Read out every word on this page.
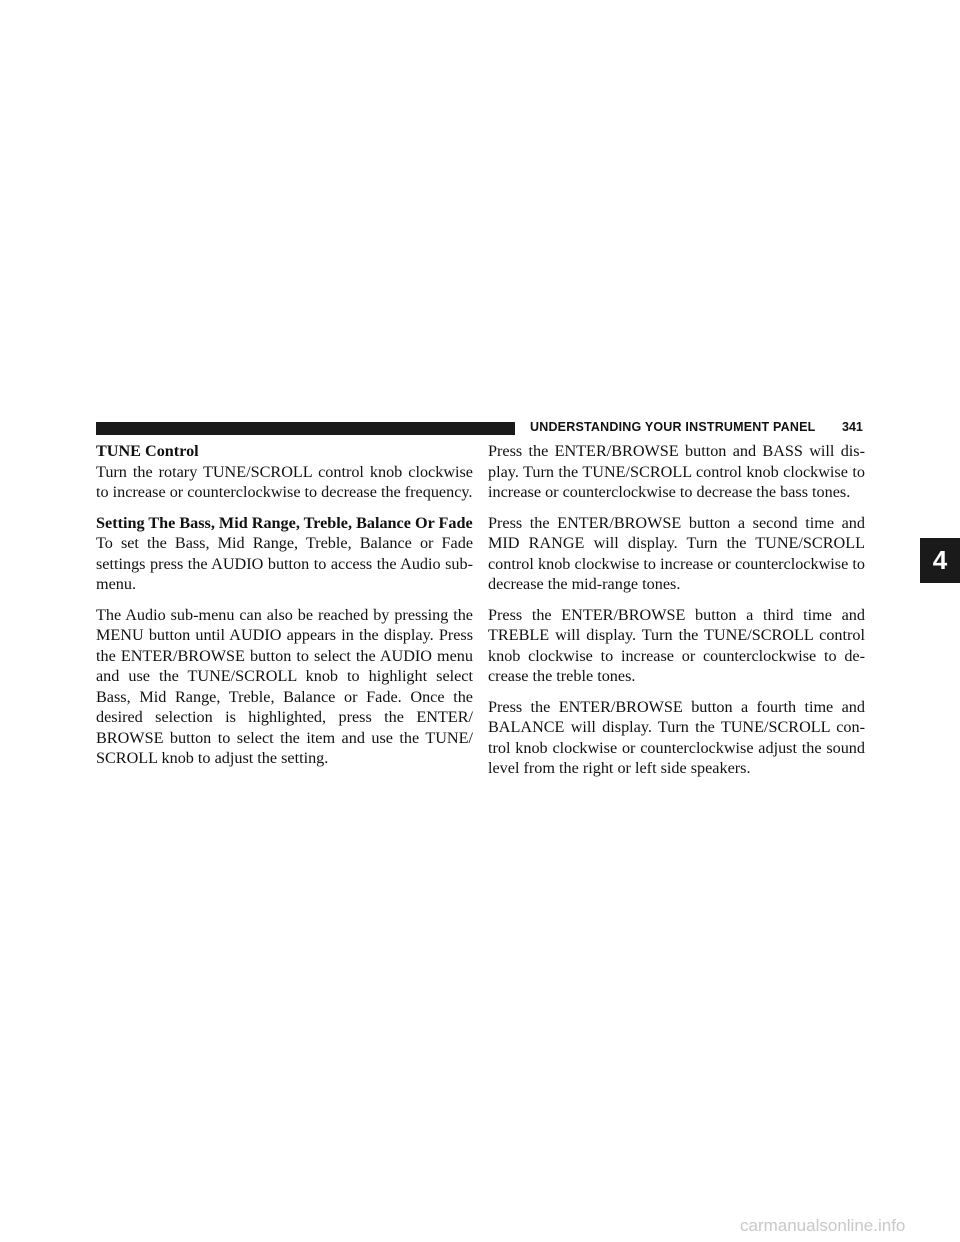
UNDERSTANDING YOUR INSTRUMENT PANEL 341
TUNE Control

Turn the rotary TUNE/SCROLL control knob clockwise to increase or counterclockwise to decrease the frequency.

Setting The Bass, Mid Range, Treble, Balance Or Fade

To set the Bass, Mid Range, Treble, Balance or Fade settings press the AUDIO button to access the Audio sub-menu.

The Audio sub-menu can also be reached by pressing the MENU button until AUDIO appears in the display. Press the ENTER/BROWSE button to select the AUDIO menu and use the TUNE/SCROLL knob to highlight select Bass, Mid Range, Treble, Balance or Fade. Once the desired selection is highlighted, press the ENTER/ BROWSE button to select the item and use the TUNE/ SCROLL knob to adjust the setting.

Press the ENTER/BROWSE button and BASS will dis- play. Turn the TUNE/SCROLL control knob clockwise to increase or counterclockwise to decrease the bass tones.

Press the ENTER/BROWSE button a second time and MID RANGE will display. Turn the TUNE/SCROLL control knob clockwise to increase or counterclockwise to decrease the mid-range tones.

Press the ENTER/BROWSE button a third time and TREBLE will display. Turn the TUNE/SCROLL control knob clockwise to increase or counterclockwise to de- crease the treble tones.

Press the ENTER/BROWSE button a fourth time and BALANCE will display. Turn the TUNE/SCROLL con- trol knob clockwise or counterclockwise adjust the sound level from the right or left side speakers.

4
carmanualsonline.info
